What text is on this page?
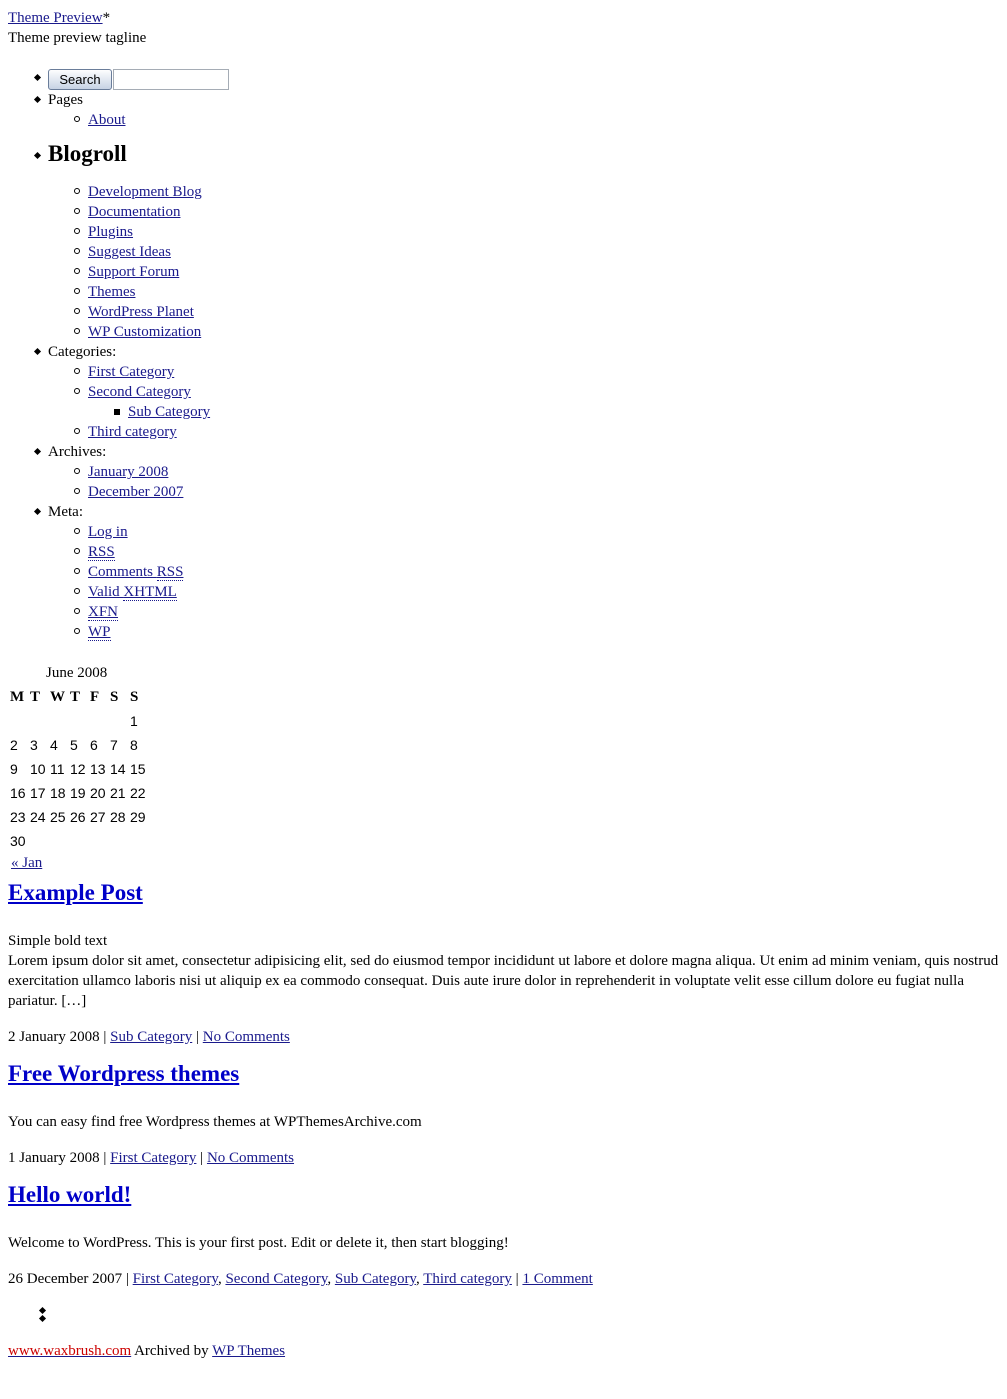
Theme Preview*
Theme preview tagline
Search
Pages
About
Blogroll
Development Blog
Documentation
Plugins
Suggest Ideas
Support Forum
Themes
WordPress Planet
WP Customization
Categories:
First Category
Second Category
Sub Category
Third category
Archives:
January 2008
December 2007
Meta:
Log in
RSS
Comments RSS
Valid XHTML
XFN
WP
June 2008
M	T	W	T	F	S	S
						1
2	3	4	5	6	7	8
9	10	11	12	13	14	15
16	17	18	19	20	21	22
23	24	25	26	27	28	29
30						
« Jan
Example Post

Simple bold text

Lorem ipsum dolor sit amet, consectetur adipisicing elit, sed do eiusmod tempor incididunt ut labore et dolore magna aliqua. Ut enim ad minim veniam, quis nostrud exercitation ullamco laboris nisi ut aliquip ex ea commodo consequat. Duis aute irure dolor in reprehenderit in voluptate velit esse cillum dolore eu fugiat nulla pariatur. […]

2 January 2008 | Sub Category | No Comments
Free Wordpress themes

You can easy find free Wordpress themes at WPThemesArchive.com

1 January 2008 | First Category | No Comments
Hello world!

Welcome to WordPress. This is your first post. Edit or delete it, then start blogging!

26 December 2007 | First Category, Second Category, Sub Category, Third category | 1 Comment
www.waxbrush.com Archived by WP Themes
